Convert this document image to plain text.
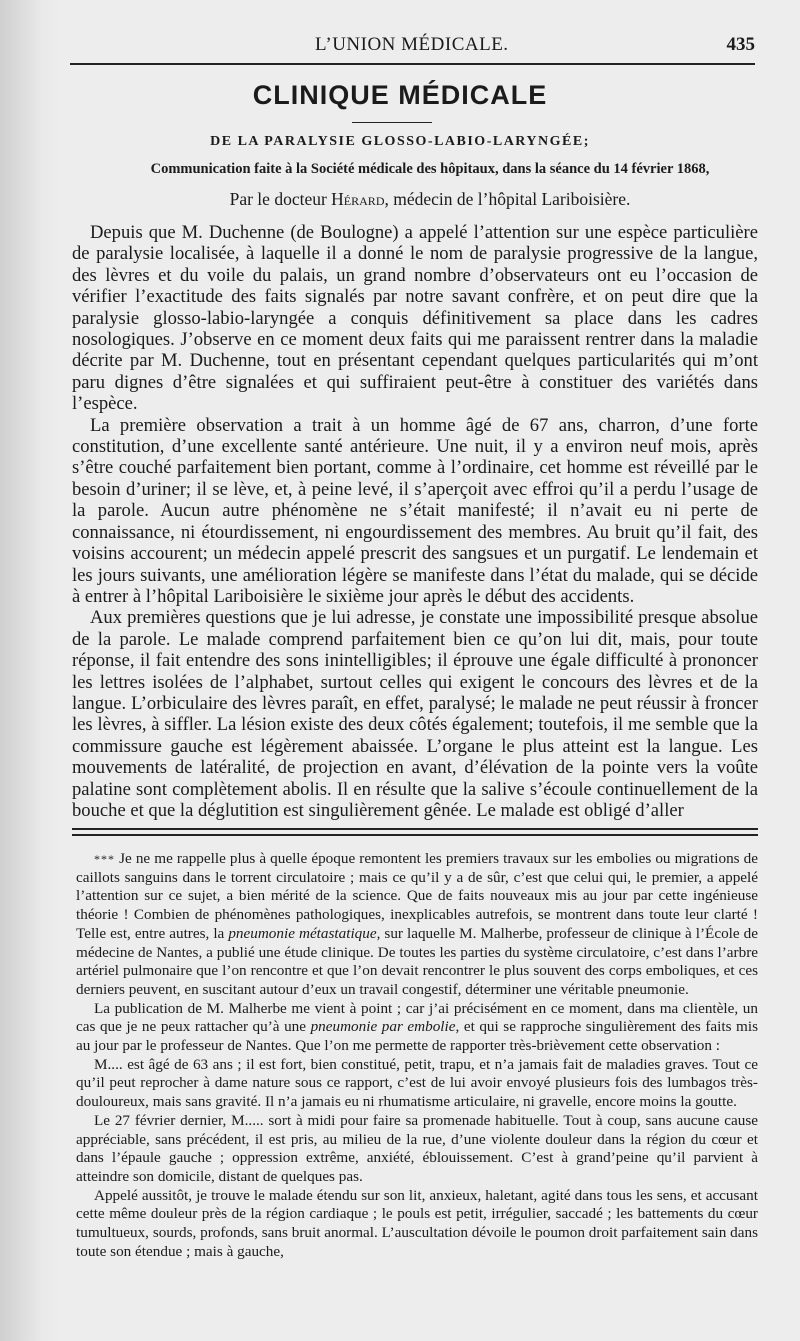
L’UNION MÉDICALE.	435
CLINIQUE MÉDICALE
DE LA PARALYSIE GLOSSO-LABIO-LARYNGÉE;
Communication faite à la Société médicale des hôpitaux, dans la séance du 14 février 1868,
Par le docteur Hérard, médecin de l’hôpital Lariboisière.

Depuis que M. Duchenne (de Boulogne) a appelé l’attention sur une espèce particulière de paralysie localisée, à laquelle il a donné le nom de paralysie progressive de la langue, des lèvres et du voile du palais, un grand nombre d’observateurs ont eu l’occasion de vérifier l’exactitude des faits signalés par notre savant confrère, et on peut dire que la paralysie glosso-labio-laryngée a conquis définitivement sa place dans les cadres nosologiques. J’observe en ce moment deux faits qui me paraissent rentrer dans la maladie décrite par M. Duchenne, tout en présentant cependant quelques particularités qui m’ont paru dignes d’être signalées et qui suffiraient peut-être à constituer des variétés dans l’espèce.

La première observation a trait à un homme âgé de 67 ans, charron, d’une forte constitution, d’une excellente santé antérieure. Une nuit, il y a environ neuf mois, après s’être couché parfaitement bien portant, comme à l’ordinaire, cet homme est réveillé par le besoin d’uriner; il se lève, et, à peine levé, il s’aperçoit avec effroi qu’il a perdu l’usage de la parole. Aucun autre phénomène ne s’était manifesté; il n’avait eu ni perte de connaissance, ni étourdissement, ni engourdissement des membres. Au bruit qu’il fait, des voisins accourent; un médecin appelé prescrit des sangsues et un purgatif. Le lendemain et les jours suivants, une amélioration légère se manifeste dans l’état du malade, qui se décide à entrer à l’hôpital Lariboisière le sixième jour après le début des accidents.

Aux premières questions que je lui adresse, je constate une impossibilité presque absolue de la parole. Le malade comprend parfaitement bien ce qu’on lui dit, mais, pour toute réponse, il fait entendre des sons inintelligibles; il éprouve une égale difficulté à prononcer les lettres isolées de l’alphabet, surtout celles qui exigent le concours des lèvres et de la langue. L’orbiculaire des lèvres paraît, en effet, paralysé; le malade ne peut réussir à froncer les lèvres, à siffler. La lésion existe des deux côtés également; toutefois, il me semble que la commissure gauche est légèrement abaissée. L’organe le plus atteint est la langue. Les mouvements de latéralité, de projection en avant, d’élévation de la pointe vers la voûte palatine sont complètement abolis. Il en résulte que la salive s’écoule continuellement de la bouche et que la déglutition est singulièrement gênée. Le malade est obligé d’aller

*** Je ne me rappelle plus à quelle époque remontent les premiers travaux sur les embolies ou migrations de caillots sanguins dans le torrent circulatoire ; mais ce qu’il y a de sûr, c’est que celui qui, le premier, a appelé l’attention sur ce sujet, a bien mérité de la science. Que de faits nouveaux mis au jour par cette ingénieuse théorie ! Combien de phénomènes pathologiques, inexplicables autrefois, se montrent dans toute leur clarté ! Telle est, entre autres, la pneumonie métastatique, sur laquelle M. Malherbe, professeur de clinique à l’École de médecine de Nantes, a publié une étude clinique. De toutes les parties du système circulatoire, c’est dans l’arbre artériel pulmonaire que l’on rencontre et que l’on devait rencontrer le plus souvent des corps emboliques, et ces derniers peuvent, en suscitant autour d’eux un travail congestif, déterminer une véritable pneumonie.

La publication de M. Malherbe me vient à point ; car j’ai précisément en ce moment, dans ma clientèle, un cas que je ne peux rattacher qu’à une pneumonie par embolie, et qui se rapproche singulièrement des faits mis au jour par le professeur de Nantes. Que l’on me permette de rapporter très-brièvement cette observation :

M.... est âgé de 63 ans ; il est fort, bien constitué, petit, trapu, et n’a jamais fait de maladies graves. Tout ce qu’il peut reprocher à dame nature sous ce rapport, c’est de lui avoir envoyé plusieurs fois des lumbagos très-douloureux, mais sans gravité. Il n’a jamais eu ni rhumatisme articulaire, ni gravelle, encore moins la goutte.

Le 27 février dernier, M..... sort à midi pour faire sa promenade habituelle. Tout à coup, sans aucune cause appréciable, sans précédent, il est pris, au milieu de la rue, d’une violente douleur dans la région du cœur et dans l’épaule gauche ; oppression extrême, anxiété, éblouissement. C’est à grand’peine qu’il parvient à atteindre son domicile, distant de quelques pas.

Appelé aussitôt, je trouve le malade étendu sur son lit, anxieux, haletant, agité dans tous les sens, et accusant cette même douleur près de la région cardiaque ; le pouls est petit, irrégulier, saccadé ; les battements du cœur tumultueux, sourds, profonds, sans bruit anormal. L’auscultation dévoile le poumon droit parfaitement sain dans toute son étendue ; mais à gauche,
